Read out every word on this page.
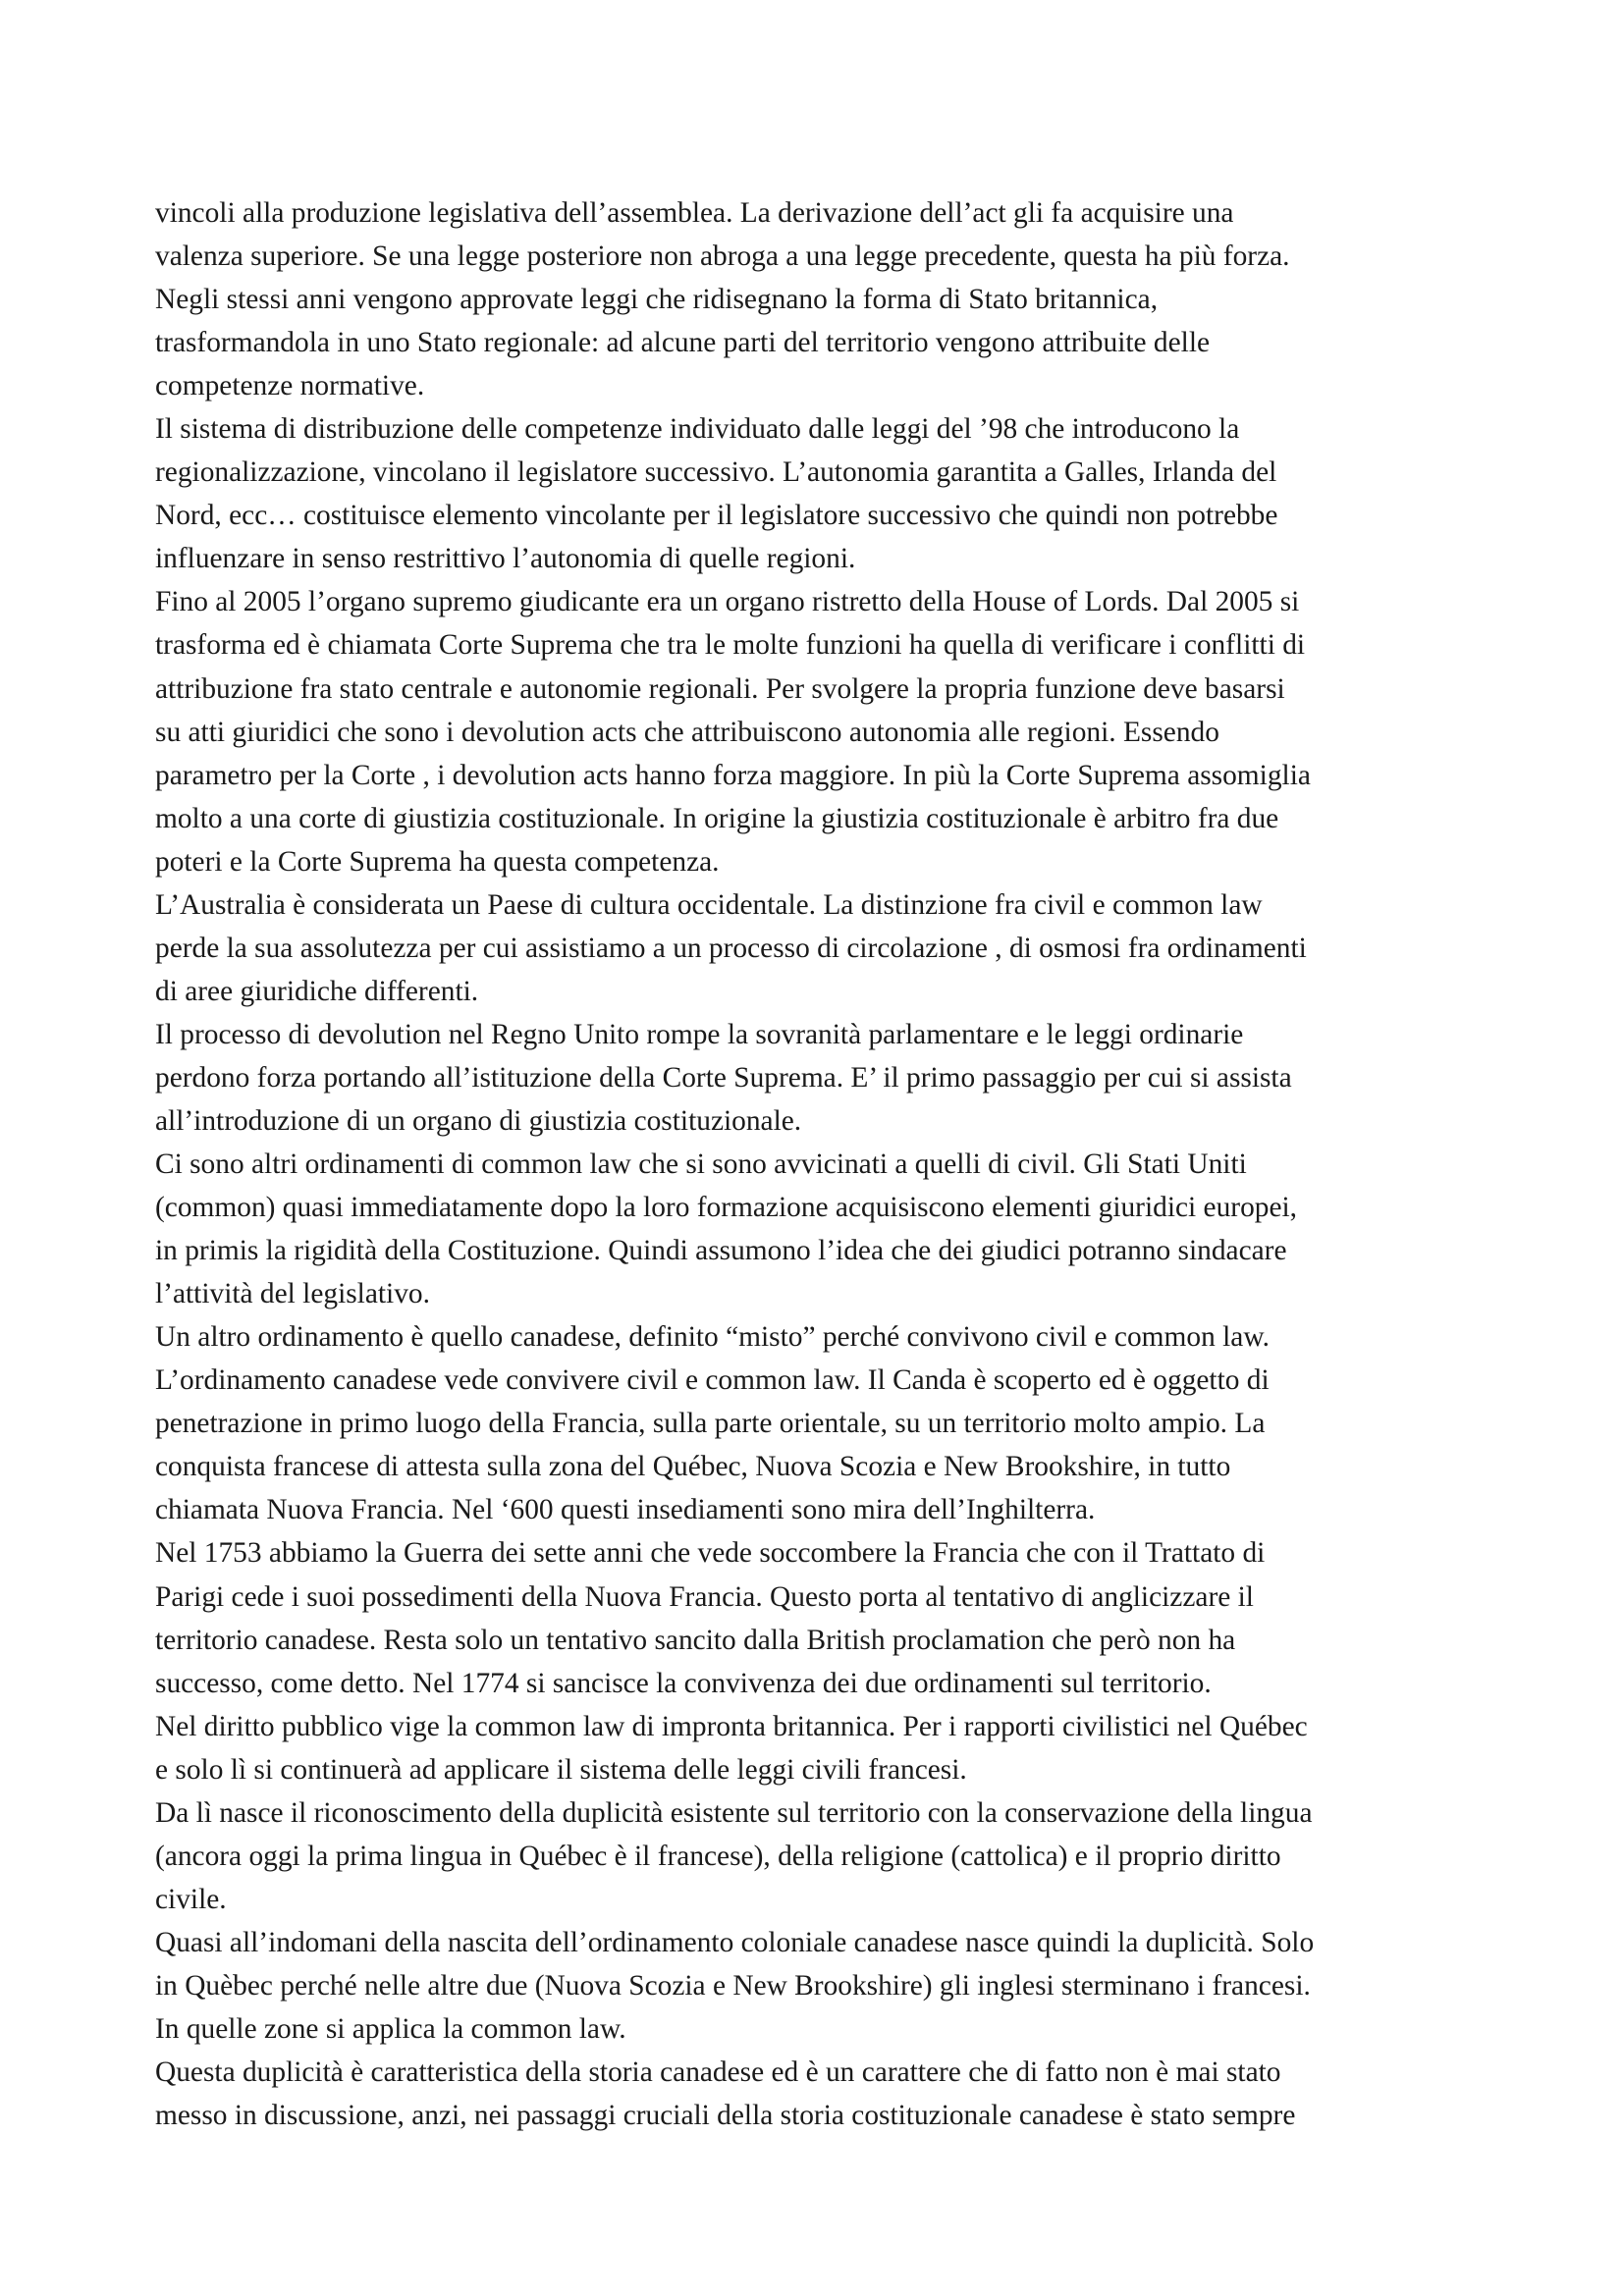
vincoli alla produzione legislativa dell’assemblea. La derivazione dell’act gli fa acquisire una
valenza superiore. Se una legge posteriore non abroga a una legge precedente, questa ha più forza.
Negli stessi anni vengono approvate leggi che ridisegnano la forma di Stato britannica,
trasformandola in uno Stato regionale: ad alcune parti del territorio vengono attribuite delle
competenze normative.
Il sistema di distribuzione delle competenze individuato dalle leggi del ’98 che introducono la
regionalizzazione, vincolano il legislatore successivo. L’autonomia garantita a Galles, Irlanda del
Nord, ecc… costituisce elemento vincolante per il legislatore successivo che quindi non potrebbe
influenzare in senso restrittivo l’autonomia di quelle regioni.
Fino al 2005 l’organo supremo giudicante era un organo ristretto della House of Lords. Dal 2005 si
trasforma ed è chiamata Corte Suprema che tra le molte funzioni ha quella di verificare i conflitti di
attribuzione fra stato centrale e autonomie regionali. Per svolgere la propria funzione deve basarsi
su atti giuridici che sono i devolution acts che attribuiscono autonomia alle regioni. Essendo
parametro per la Corte , i devolution acts hanno forza maggiore. In più la Corte Suprema assomiglia
molto a una corte di giustizia costituzionale. In origine la giustizia costituzionale è arbitro fra due
poteri e la Corte Suprema ha questa competenza.
L’Australia è considerata un Paese di cultura occidentale. La distinzione fra civil e common law
perde la sua assolutezza per cui assistiamo a un processo di circolazione , di osmosi fra ordinamenti
di aree giuridiche differenti.
Il processo di devolution nel Regno Unito rompe la sovranità parlamentare e le leggi ordinarie
perdono forza portando all’istituzione della Corte Suprema. E’ il primo passaggio per cui si assista
all’introduzione di un organo di giustizia costituzionale.
Ci sono altri ordinamenti di common law che si sono avvicinati a quelli di civil. Gli Stati Uniti
(common) quasi immediatamente dopo la loro formazione acquisiscono elementi giuridici europei,
in primis la rigidità della Costituzione. Quindi assumono l’idea che dei giudici potranno sindacare
l’attività del legislativo.
Un altro ordinamento è quello canadese, definito “misto” perché convivono civil e common law.
L’ordinamento canadese vede convivere civil e common law. Il Canda è scoperto ed è oggetto di
penetrazione in primo luogo della Francia, sulla parte orientale, su un territorio molto ampio. La
conquista francese di attesta sulla zona del Québec, Nuova Scozia e New Brookshire, in tutto
chiamata Nuova Francia. Nel ‘600 questi insediamenti sono mira dell’Inghilterra.
Nel 1753 abbiamo la Guerra dei sette anni che vede soccombere la Francia che con il Trattato di
Parigi cede i suoi possedimenti della Nuova Francia. Questo porta al tentativo di anglicizzare il
territorio canadese. Resta solo un tentativo sancito dalla British proclamation che però non ha
successo, come detto. Nel 1774 si sancisce la convivenza dei due ordinamenti sul territorio.
Nel diritto pubblico vige la common law di impronta britannica. Per i rapporti civilistici nel Québec
e solo lì si continuerà ad applicare il sistema delle leggi civili francesi.
Da lì nasce il riconoscimento della duplicità esistente sul territorio con la conservazione della lingua
(ancora oggi la prima lingua in Québec è il francese), della religione (cattolica) e il proprio diritto
civile.
Quasi all’indomani della nascita dell’ordinamento coloniale canadese nasce quindi la duplicità. Solo
in Quèbec perché nelle altre due (Nuova Scozia e New Brookshire) gli inglesi sterminano i francesi.
In quelle zone si applica la common law.
Questa duplicità è caratteristica della storia canadese ed è un carattere che di fatto non è mai stato
messo in discussione, anzi, nei passaggi cruciali della storia costituzionale canadese è stato sempre
